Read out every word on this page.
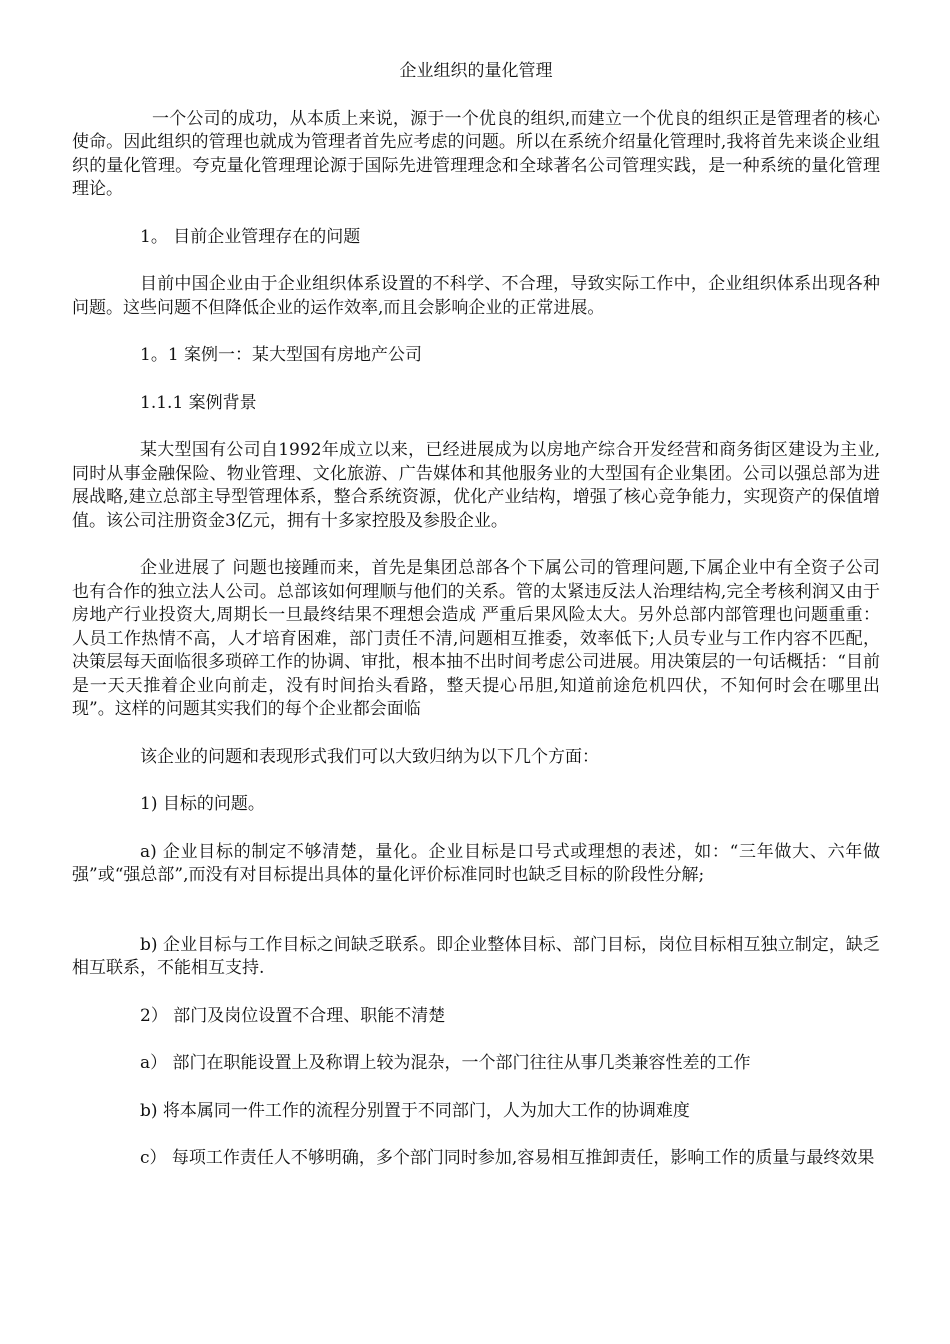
企业组织的量化管理

一个公司的成功，从本质上来说，源于一个优良的组织,而建立一个优良的组织正是管理者的核心使命。因此组织的管理也就成为管理者首先应考虑的问题。所以在系统介绍量化管理时,我将首先来谈企业组织的量化管理。夸克量化管理理论源于国际先进管理理念和全球著名公司管理实践，是一种系统的量化管理理论。

1。 目前企业管理存在的问题

目前中国企业由于企业组织体系设置的不科学、不合理，导致实际工作中，企业组织体系出现各种问题。这些问题不但降低企业的运作效率,而且会影响企业的正常进展。

1。1 案例一：某大型国有房地产公司

1.1.1 案例背景

某大型国有公司自1992年成立以来，已经进展成为以房地产综合开发经营和商务街区建设为主业,同时从事金融保险、物业管理、文化旅游、广告媒体和其他服务业的大型国有企业集团。公司以强总部为进展战略,建立总部主导型管理体系，整合系统资源，优化产业结构，增强了核心竞争能力，实现资产的保值增值。该公司注册资金3亿元，拥有十多家控股及参股企业。

企业进展了 问题也接踵而来，首先是集团总部各个下属公司的管理问题,下属企业中有全资子公司也有合作的独立法人公司。总部该如何理顺与他们的关系。管的太紧违反法人治理结构,完全考核利润又由于房地产行业投资大,周期长一旦最终结果不理想会造成 严重后果风险太大。另外总部内部管理也问题重重：人员工作热情不高，人才培育困难，部门责任不清,问题相互推委，效率低下;人员专业与工作内容不匹配，决策层每天面临很多琐碎工作的协调、审批，根本抽不出时间考虑公司进展。用决策层的一句话概括：“目前是一天天推着企业向前走，没有时间抬头看路，整天提心吊胆,知道前途危机四伏，不知何时会在哪里出现”。这样的问题其实我们的每个企业都会面临

该企业的问题和表现形式我们可以大致归纳为以下几个方面：

1) 目标的问题。

a) 企业目标的制定不够清楚，量化。企业目标是口号式或理想的表述，如：“三年做大、六年做强”或“强总部”,而没有对目标提出具体的量化评价标准同时也缺乏目标的阶段性分解;

b) 企业目标与工作目标之间缺乏联系。即企业整体目标、部门目标，岗位目标相互独立制定，缺乏相互联系，不能相互支持.

2） 部门及岗位设置不合理、职能不清楚

a） 部门在职能设置上及称谓上较为混杂，一个部门往往从事几类兼容性差的工作

b) 将本属同一件工作的流程分别置于不同部门，人为加大工作的协调难度

c） 每项工作责任人不够明确，多个部门同时参加,容易相互推卸责任，影响工作的质量与最终效果
